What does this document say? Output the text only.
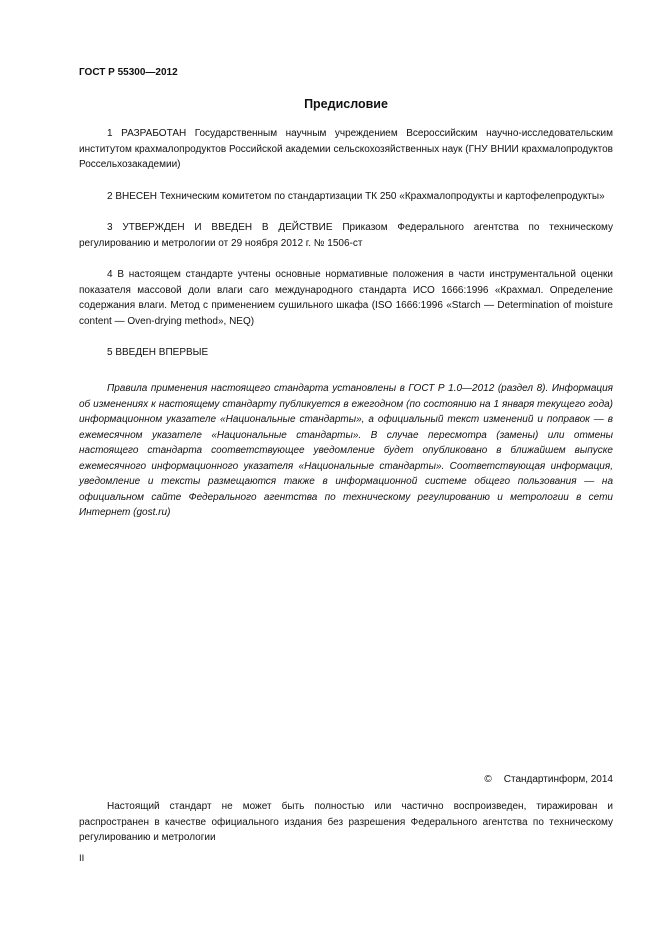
ГОСТ Р 55300—2012
Предисловие

1 РАЗРАБОТАН Государственным научным учреждением Всероссийским научно-исследовательским институтом крахмалопродуктов Российской академии сельскохозяйственных наук (ГНУ ВНИИ крахмалопродуктов Россельхозакадемии)

2 ВНЕСЕН Техническим комитетом по стандартизации ТК 250 «Крахмалопродукты и картофелепродукты»

3 УТВЕРЖДЕН И ВВЕДЕН В ДЕЙСТВИЕ Приказом Федерального агентства по техническому регулированию и метрологии от 29 ноября 2012 г. № 1506-ст

4 В настоящем стандарте учтены основные нормативные положения в части инструментальной оценки показателя массовой доли влаги саго международного стандарта ИСО 1666:1996 «Крахмал. Определение содержания влаги. Метод с применением сушильного шкафа (ISO 1666:1996 «Starch — Determination of moisture content — Oven-drying method», NEQ)

5 ВВЕДЕН ВПЕРВЫЕ

Правила применения настоящего стандарта установлены в ГОСТ Р 1.0—2012 (раздел 8). Информация об изменениях к настоящему стандарту публикуется в ежегодном (по состоянию на 1 января текущего года) информационном указателе «Национальные стандарты», а официальный текст изменений и поправок — в ежемесячном указателе «Национальные стандарты». В случае пересмотра (замены) или отмены настоящего стандарта соответствующее уведомление будет опубликовано в ближайшем выпуске ежемесячного информационного указателя «Национальные стандарты». Соответствующая информация, уведомление и тексты размещаются также в информационной системе общего пользования — на официальном сайте Федерального агентства по техническому регулированию и метрологии в сети Интернет (gost.ru)
© Стандартинформ, 2014
Настоящий стандарт не может быть полностью или частично воспроизведен, тиражирован и распространен в качестве официального издания без разрешения Федерального агентства по техническому регулированию и метрологии
II
